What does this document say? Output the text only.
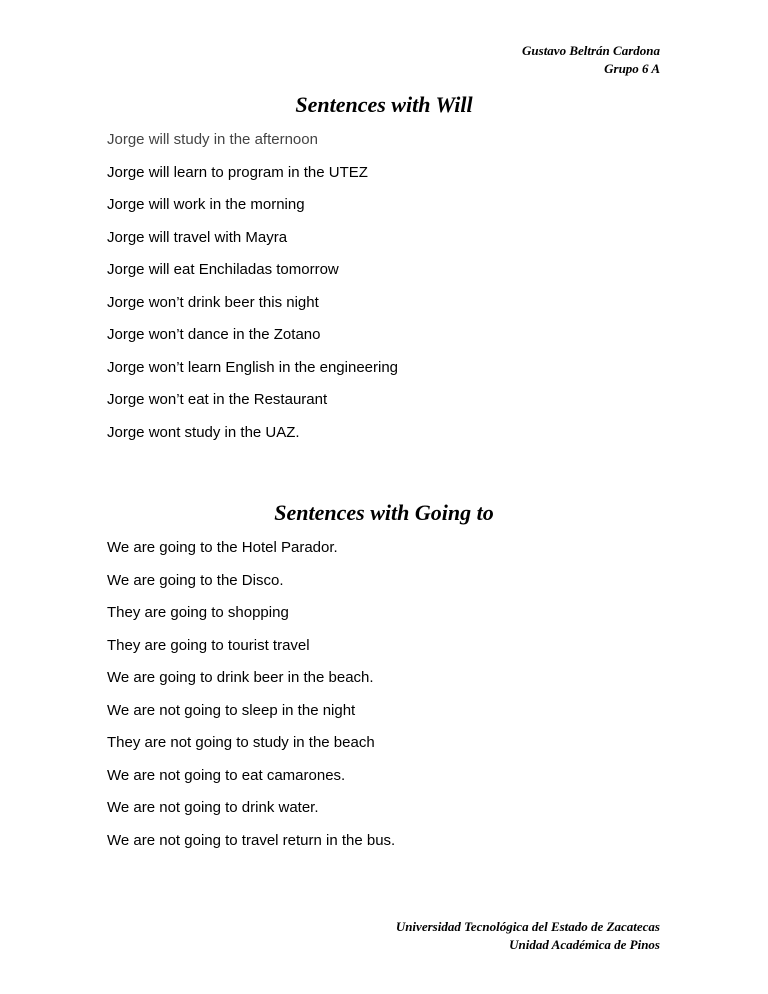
Gustavo Beltrán Cardona
Grupo 6 A
Sentences with Will
Jorge will study in the afternoon
Jorge will learn to program in the UTEZ
Jorge will work in the morning
Jorge will travel with Mayra
Jorge will eat Enchiladas tomorrow
Jorge won’t drink beer this night
Jorge won’t dance in the Zotano
Jorge won’t learn English in the engineering
Jorge won’t eat in the Restaurant
Jorge wont study in the UAZ.
Sentences with Going to
We are going to the Hotel Parador.
We are going to the Disco.
They are going to shopping
They are going to tourist travel
We are going to drink beer in the beach.
We are not going to sleep in the night
They are not going to study in the beach
We are not going to eat camarones.
We are not going to drink water.
We are not going to travel return in the bus.
Universidad Tecnológica del Estado de Zacatecas
Unidad Académica de Pinos
